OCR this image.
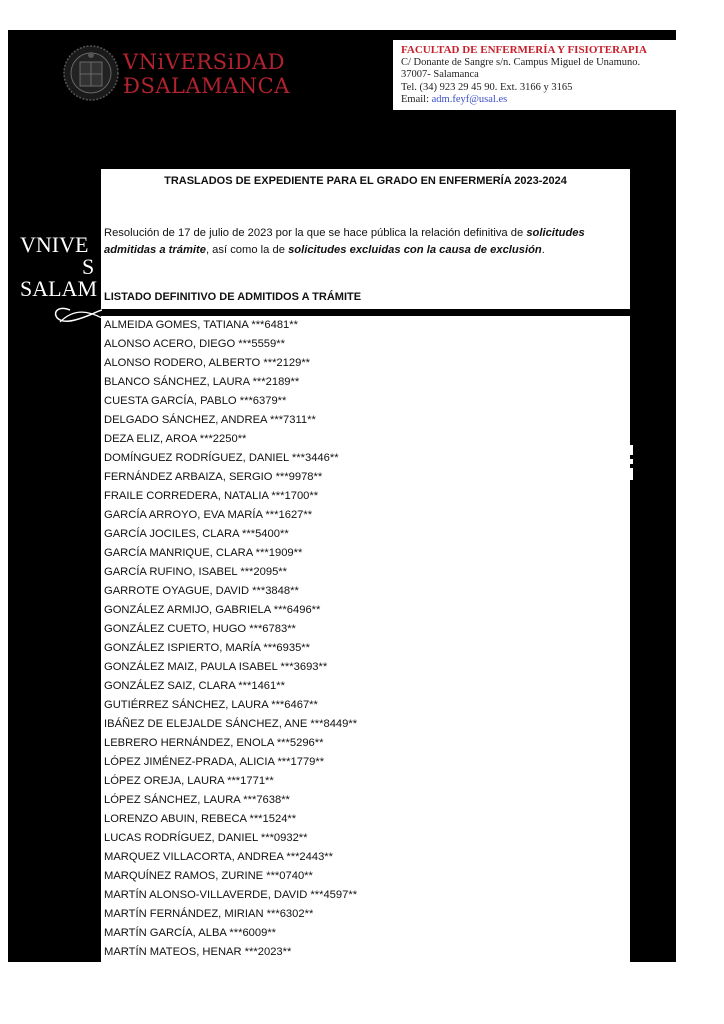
VNiVERSiDAD
ÐSALAMANCA
FACULTAD DE ENFERMERÍA Y FISIOTERAPIA
C/ Donante de Sangre s/n. Campus Miguel de Unamuno.
37007- Salamanca
Tel. (34) 923 29 45 90. Ext. 3166 y 3165
Email: adm.feyf@usal.es
VNIVE
S
SALAM
TRASLADOS DE EXPEDIENTE PARA EL GRADO EN ENFERMERÍA 2023-2024
Resolución de 17 de julio de 2023 por la que se hace pública la relación definitiva de solicitudes admitidas a trámite, así como la de solicitudes excluidas con la causa de exclusión.
LISTADO DEFINITIVO DE ADMITIDOS A TRÁMITE
ALMEIDA GOMES, TATIANA ***6481**
ALONSO ACERO, DIEGO ***5559**
ALONSO RODERO, ALBERTO ***2129**
BLANCO SÁNCHEZ, LAURA ***2189**
CUESTA GARCÍA, PABLO ***6379**
DELGADO SÁNCHEZ, ANDREA ***7311**
DEZA ELIZ, AROA ***2250**
DOMÍNGUEZ RODRÍGUEZ, DANIEL ***3446**
FERNÁNDEZ ARBAIZA, SERGIO ***9978**
FRAILE CORREDERA, NATALIA ***1700**
GARCÍA ARROYO, EVA MARÍA ***1627**
GARCÍA JOCILES, CLARA ***5400**
GARCÍA MANRIQUE, CLARA ***1909**
GARCÍA RUFINO, ISABEL ***2095**
GARROTE OYAGUE, DAVID ***3848**
GONZÁLEZ ARMIJO, GABRIELA ***6496**
GONZÁLEZ CUETO, HUGO ***6783**
GONZÁLEZ ISPIERTO, MARÍA ***6935**
GONZÁLEZ MAIZ, PAULA ISABEL ***3693**
GONZÁLEZ SAIZ, CLARA ***1461**
GUTIÉRREZ SÁNCHEZ, LAURA ***6467**
IBÁÑEZ DE ELEJALDE SÁNCHEZ, ANE ***8449**
LEBRERO HERNÁNDEZ, ENOLA ***5296**
LÓPEZ JIMÉNEZ-PRADA, ALICIA ***1779**
LÓPEZ OREJA, LAURA ***1771**
LÓPEZ SÁNCHEZ, LAURA ***7638**
LORENZO ABUIN, REBECA ***1524**
LUCAS RODRÍGUEZ, DANIEL ***0932**
MARQUEZ VILLACORTA, ANDREA ***2443**
MARQUÍNEZ RAMOS, ZURINE ***0740**
MARTÍN ALONSO-VILLAVERDE, DAVID ***4597**
MARTÍN FERNÁNDEZ, MIRIAN ***6302**
MARTÍN GARCÍA, ALBA ***6009**
MARTÍN MATEOS, HENAR ***2023**
